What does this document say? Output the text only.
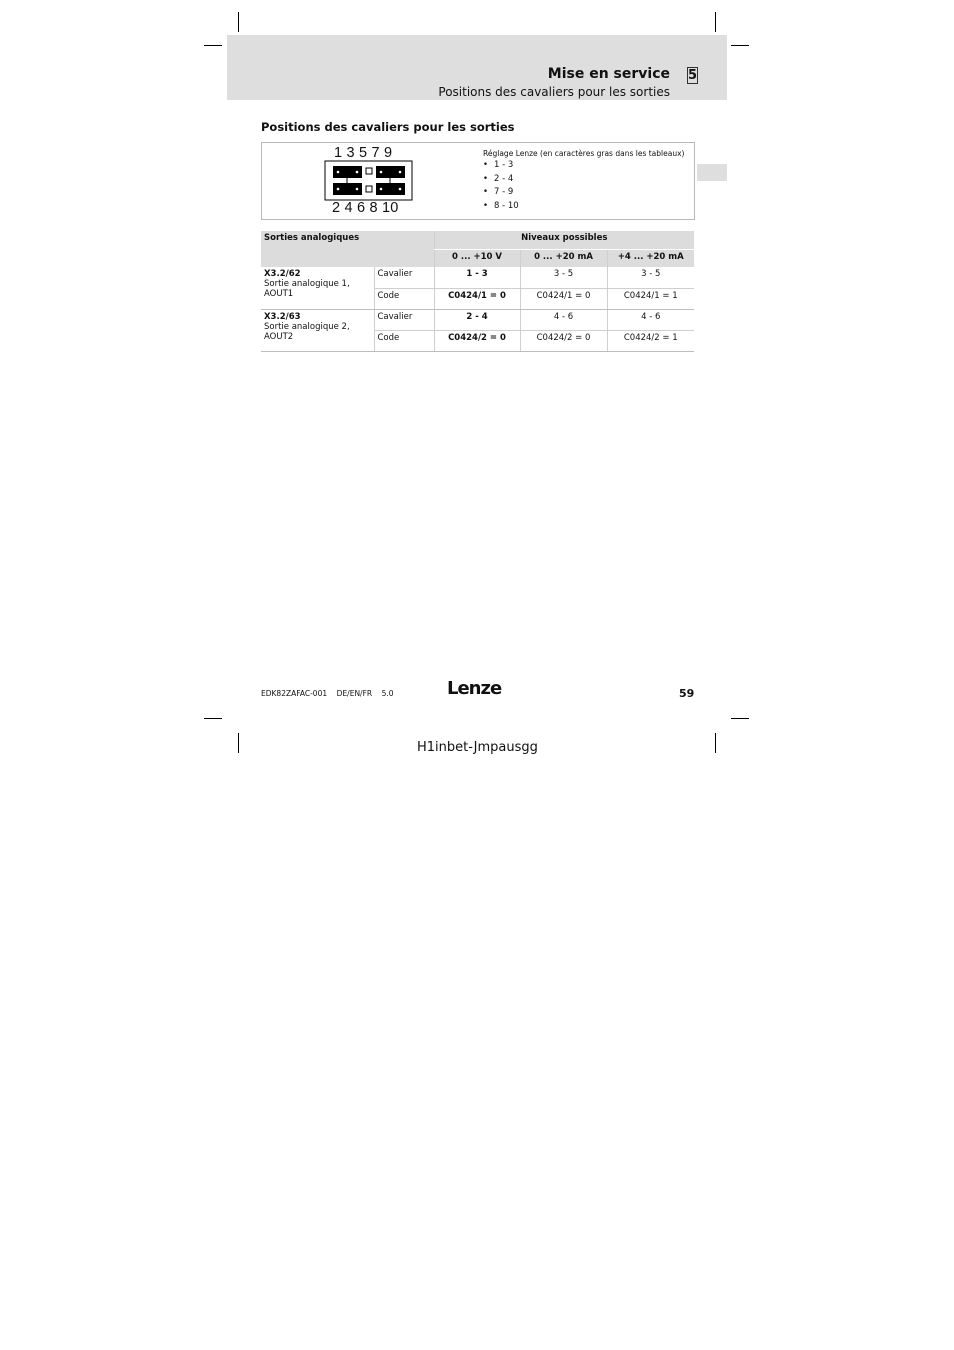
Mise en service 5
Positions des cavaliers pour les sorties
Positions des cavaliers pour les sorties
1 3 5 7 9
2 4 6 8 10
Réglage Lenze (en caractères gras dans les tableaux)
• 1 - 3
• 2 - 4
• 7 - 9
• 8 - 10
Sorties analogiques		Niveaux possibles		
		0 ... +10 V	0 ... +20 mA	+4 ... +20 mA

X3.2/62
Sortie analogique 1, AOUT1	Cavalier	1 - 3	3 - 5	3 - 5
	Code	C0424/1 = 0	C0424/1 = 0	C0424/1 = 1

X3.2/63
Sortie analogique 2, AOUT2	Cavalier	2 - 4	4 - 6	4 - 6
	Code	C0424/2 = 0	C0424/2 = 0	C0424/2 = 1
EDK82ZAFAC-001    DE/EN/FR    5.0	Lenze	59
H1inbet-Jmpausgg
